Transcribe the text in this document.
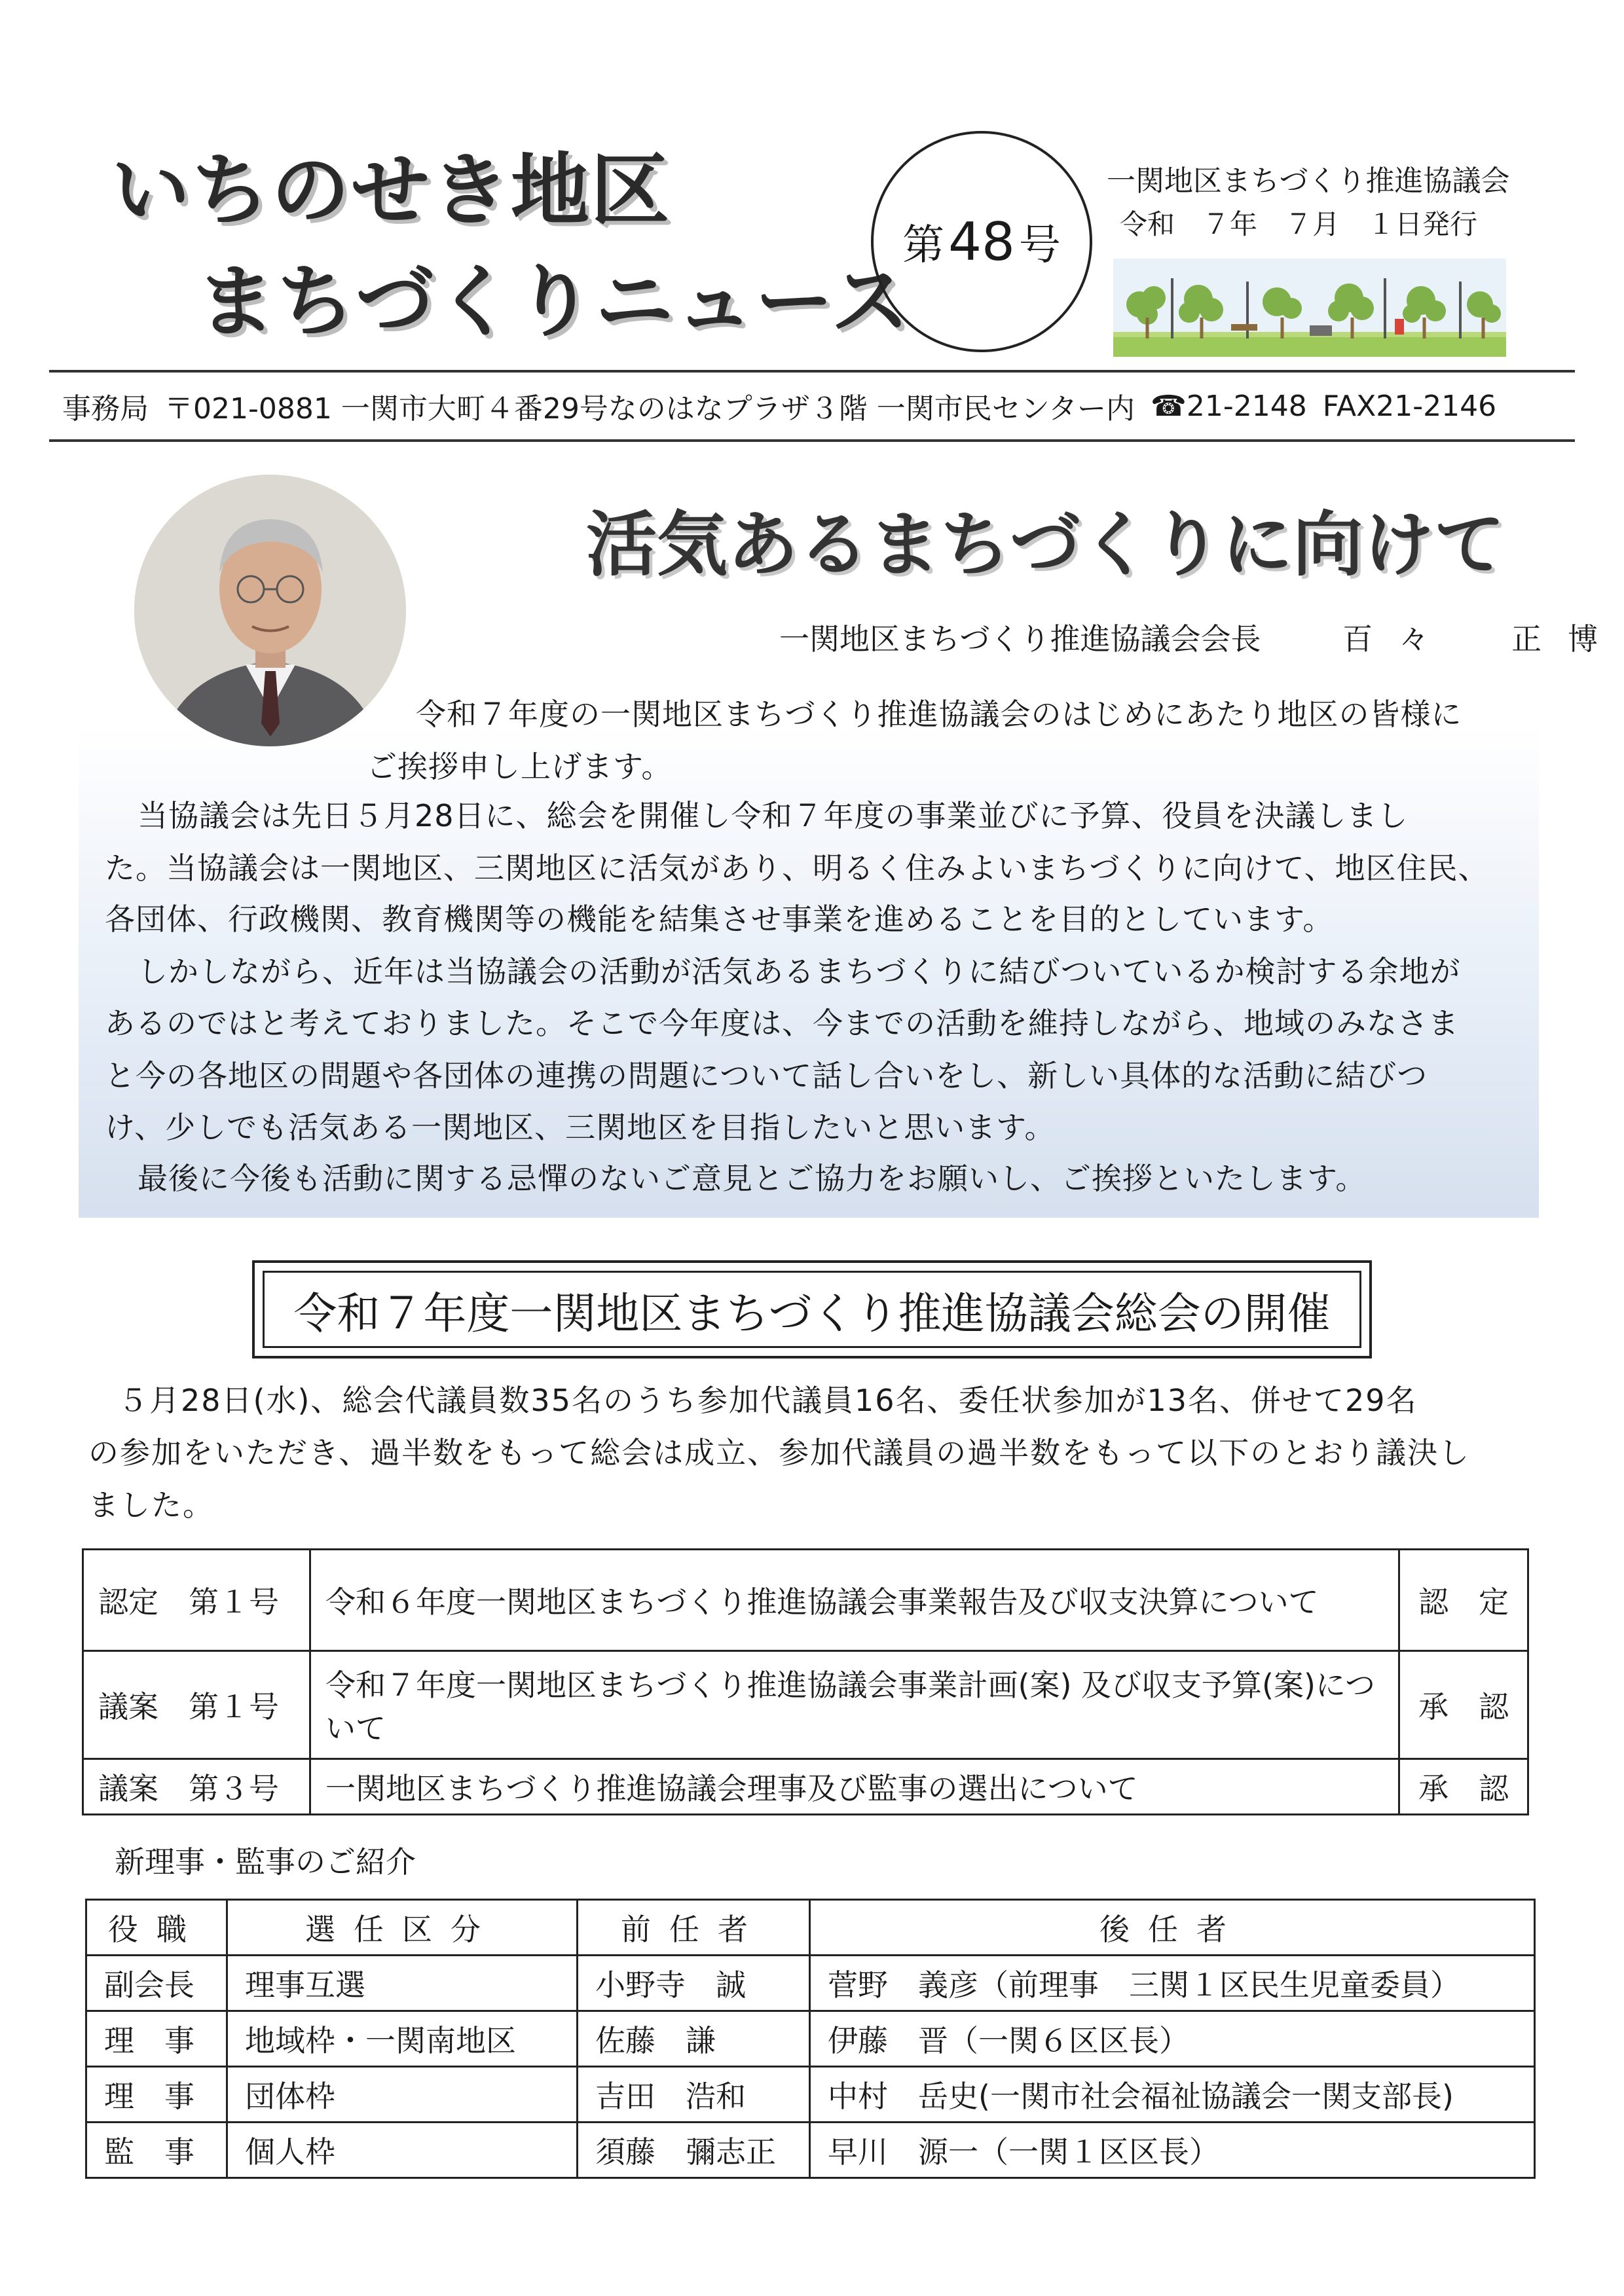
いちのせき地区
まちづくりニュース
第 48 号
一関地区まちづくり推進協議会
令和　７年　７月　１日発行
事務局 〒021-0881 一関市大町４番29号なのはなプラザ３階 一関市民センター内 ☎21-2148 FAX21-2146
活気あるまちづくりに向けて
一関地区まちづくり推進協議会会長	百々　正博
令和７年度の一関地区まちづくり推進協議会のはじめにあたり地区の皆様に
ご挨拶申し上げます。
当協議会は先日５月28日に、総会を開催し令和７年度の事業並びに予算、役員を決議しまし
た。当協議会は一関地区、三関地区に活気があり、明るく住みよいまちづくりに向けて、地区住民、
各団体、行政機関、教育機関等の機能を結集させ事業を進めることを目的としています。
しかしながら、近年は当協議会の活動が活気あるまちづくりに結びついているか検討する余地が
あるのではと考えておりました。そこで今年度は、今までの活動を維持しながら、地域のみなさま
と今の各地区の問題や各団体の連携の問題について話し合いをし、新しい具体的な活動に結びつ
け、少しでも活気ある一関地区、三関地区を目指したいと思います。
最後に今後も活動に関する忌憚のないご意見とご協力をお願いし、ご挨拶といたします。
令和７年度一関地区まちづくり推進協議会総会の開催
５月28日(水)、総会代議員数35名のうち参加代議員16名、委任状参加が13名、併せて29名
の参加をいただき、過半数をもって総会は成立、参加代議員の過半数をもって以下のとおり議決し
ました。
認定　第１号	令和６年度一関地区まちづくり推進協議会事業報告及び収支決算について	認　定
議案　第１号	令和７年度一関地区まちづくり推進協議会事業計画(案) 及び収支予算(案)について	承　認
議案　第３号	一関地区まちづくり推進協議会理事及び監事の選出について	承　認
新理事・監事のご紹介
役職	選任区分	前任者	後任者
副会長	理事互選	小野寺　誠	菅野　義彦（前理事　三関１区民生児童委員）
理　事	地域枠・一関南地区	佐藤　謙	伊藤　晋（一関６区区長）
理　事	団体枠	吉田　浩和	中村　岳史(一関市社会福祉協議会一関支部長)
監　事	個人枠	須藤　彌志正	早川　源一（一関１区区長）
